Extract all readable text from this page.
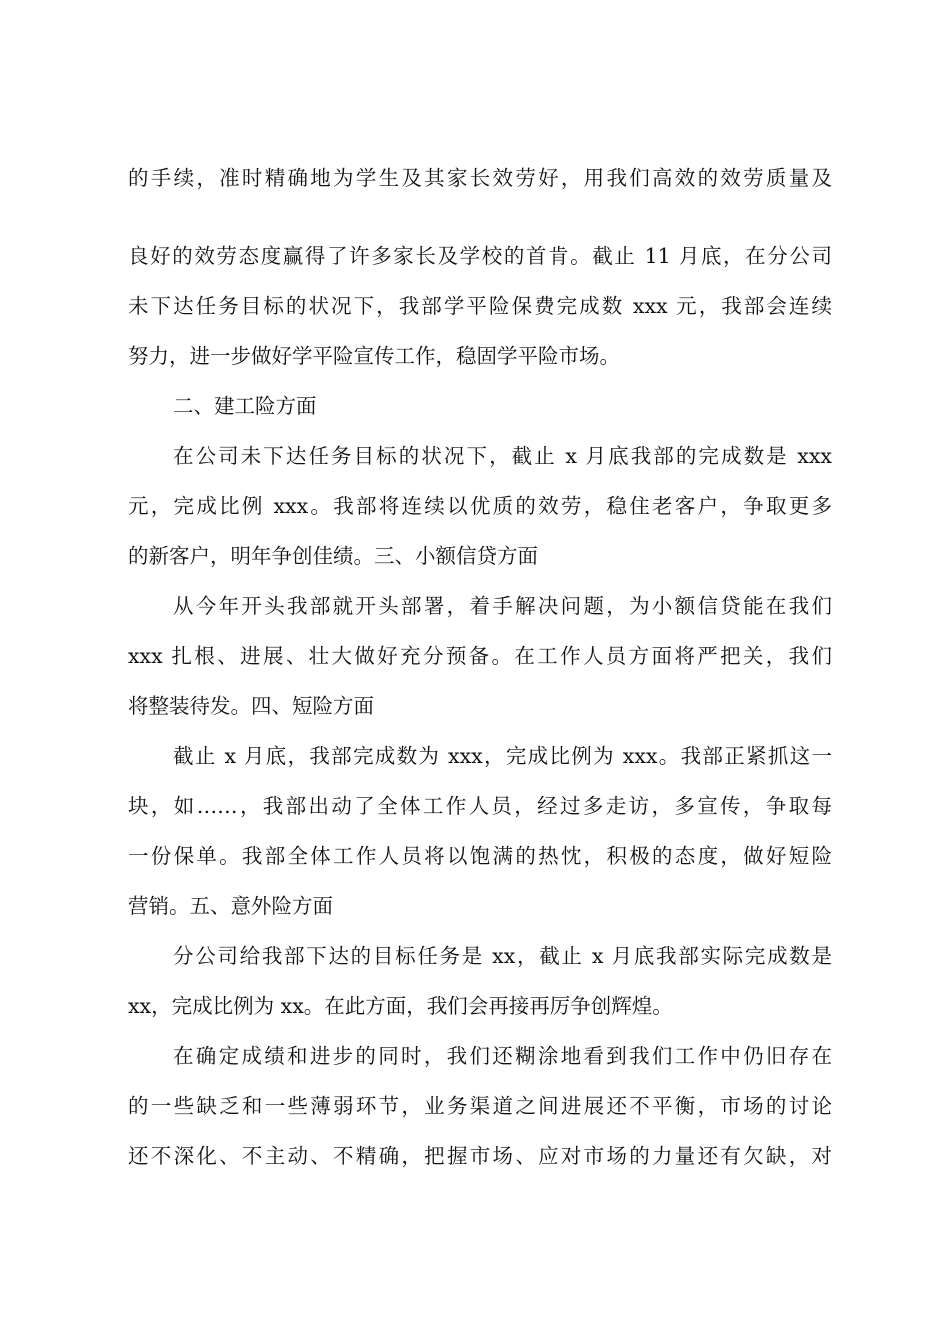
的手续，准时精确地为学生及其家长效劳好，用我们高效的效劳质量及
良好的效劳态度赢得了许多家长及学校的首肯。截止 11 月底，在分公司
未下达任务目标的状况下，我部学平险保费完成数 xxx 元，我部会连续
努力，进一步做好学平险宣传工作，稳固学平险市场。
二、建工险方面
在公司未下达任务目标的状况下，截止 x 月底我部的完成数是 xxx
元，完成比例 xxx。我部将连续以优质的效劳，稳住老客户，争取更多
的新客户，明年争创佳绩。三、小额信贷方面
从今年开头我部就开头部署，着手解决问题，为小额信贷能在我们
xxx 扎根、进展、壮大做好充分预备。在工作人员方面将严把关，我们
将整装待发。四、短险方面
截止 x 月底，我部完成数为 xxx，完成比例为 xxx。我部正紧抓这一
块，如……，我部出动了全体工作人员，经过多走访，多宣传，争取每
一份保单。我部全体工作人员将以饱满的热忱，积极的态度，做好短险
营销。五、意外险方面
分公司给我部下达的目标任务是 xx，截止 x 月底我部实际完成数是
xx，完成比例为 xx。在此方面，我们会再接再厉争创辉煌。
在确定成绩和进步的同时，我们还糊涂地看到我们工作中仍旧存在
的一些缺乏和一些薄弱环节，业务渠道之间进展还不平衡，市场的讨论
还不深化、不主动、不精确，把握市场、应对市场的力量还有欠缺，对
